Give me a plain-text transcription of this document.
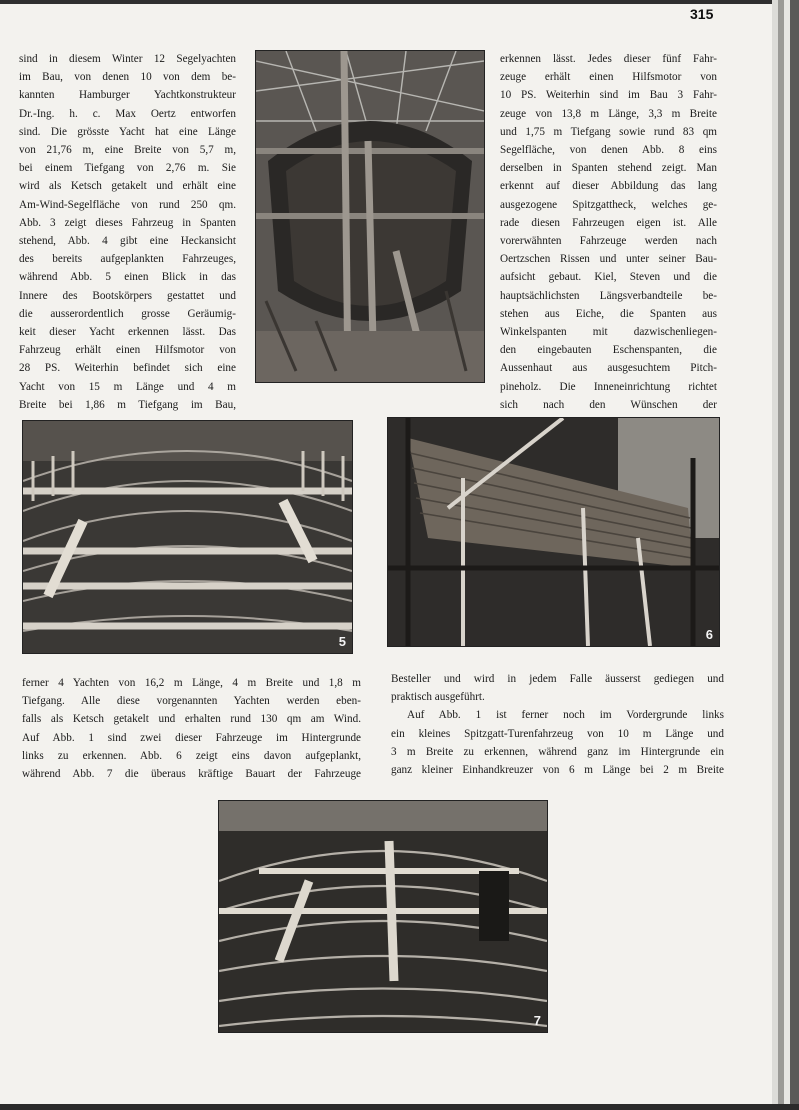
315

sind in diesem Winter 12 Segelyachten

im Bau, von denen 10 von dem be-

kannten Hamburger Yachtkonstrukteur

Dr.-Ing. h. c. Max Oertz entworfen

sind. Die grösste Yacht hat eine Länge

von 21,76 m, eine Breite von 5,7 m,

bei einem Tiefgang von 2,76 m. Sie

wird als Ketsch getakelt und erhält eine

Am-Wind-Segelfläche von rund 250 qm.

Abb. 3 zeigt dieses Fahrzeug in Spanten

stehend, Abb. 4 gibt eine Heckansicht

des bereits aufgeplankten Fahrzeuges,

während Abb. 5 einen Blick in das

Innere des Bootskörpers gestattet und

die ausserordentlich grosse Geräumig-

keit dieser Yacht erkennen lässt. Das

Fahrzeug erhält einen Hilfsmotor von

28 PS. Weiterhin befindet sich eine

Yacht von 15 m Länge und 4 m

Breite bei 1,86 m Tiefgang im Bau,

erkennen lässt. Jedes dieser fünf Fahr-

zeuge erhält einen Hilfsmotor von

10 PS. Weiterhin sind im Bau 3 Fahr-

zeuge von 13,8 m Länge, 3,3 m Breite

und 1,75 m Tiefgang sowie rund 83 qm

Segelfläche, von denen Abb. 8 eins

derselben in Spanten stehend zeigt. Man

erkennt auf dieser Abbildung das lang

ausgezogene Spitzgattheck, welches ge-

rade diesen Fahrzeugen eigen ist. Alle

vorerwähnten Fahrzeuge werden nach

Oertzschen Rissen und unter seiner Bau-

aufsicht gebaut. Kiel, Steven und die

hauptsächlichsten Längsverbandteile be-

stehen aus Eiche, die Spanten aus

Winkelspanten mit dazwischenliegen-

den eingebauten Eschenspanten, die

Aussenhaut aus ausgesuchtem Pitch-

pineholz. Die Inneneinrichtung richtet

sich nach den Wünschen der

5	6

ferner 4 Yachten von 16,2 m Länge, 4 m Breite und 1,8 m

Tiefgang. Alle diese vorgenannten Yachten werden eben-

falls als Ketsch getakelt und erhalten rund 130 qm am Wind.

Auf Abb. 1 sind zwei dieser Fahrzeuge im Hintergrunde

links zu erkennen. Abb. 6 zeigt eins davon aufgeplankt,

während Abb. 7 die überaus kräftige Bauart der Fahrzeuge

Besteller und wird in jedem Falle äusserst gediegen und

praktisch ausgeführt.

Auf Abb. 1 ist ferner noch im Vordergrunde links

ein kleines Spitzgatt-Turenfahrzeug von 10 m Länge und

3 m Breite zu erkennen, während ganz im Hintergrunde ein

ganz kleiner Einhandkreuzer von 6 m Länge bei 2 m Breite

7
